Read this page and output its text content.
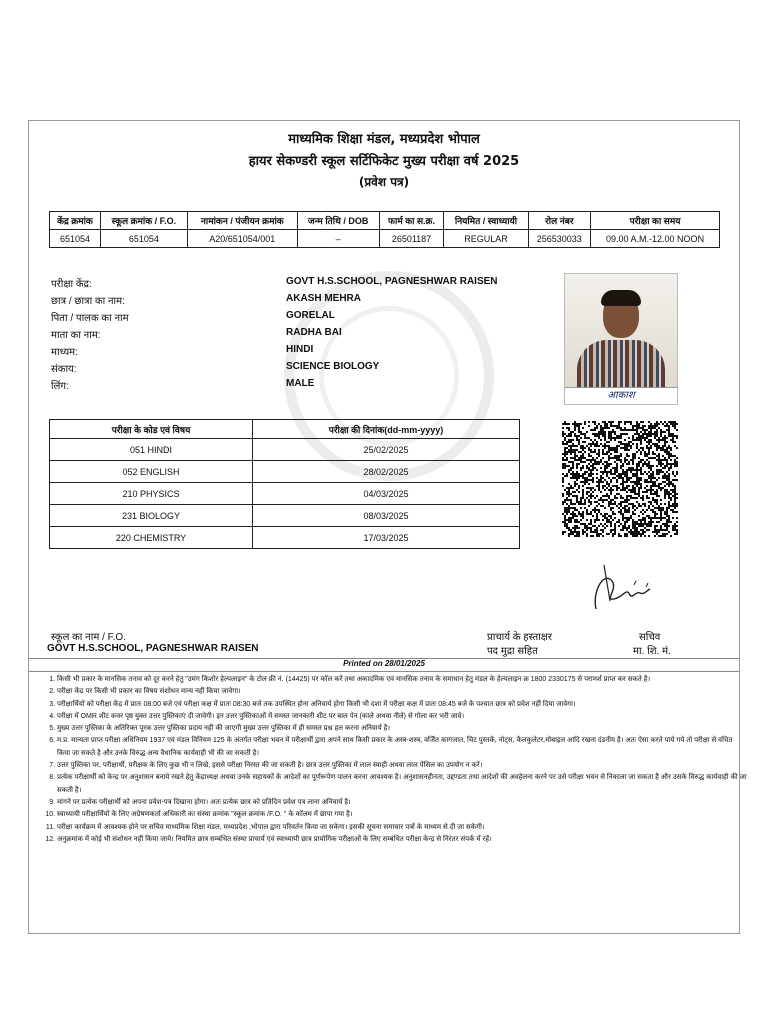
माध्यमिक शिक्षा मंडल, मध्यप्रदेश भोपाल
हायर सेकण्डरी स्कूल सर्टिफिकेट मुख्य परीक्षा वर्ष 2025
(प्रवेश पत्र)
केंद्र क्रमांक	स्कूल क्रमांक / F.O.	नामांकन / पंजीयन क्रमांक	जन्म तिथि / DOB	फार्म का स.क्र.	नियमित / स्वाध्यायी	रोल नंबर	परीक्षा का समय
651054	651054	A20/651054/001	–	26501187	REGULAR	256530033	09.00 A.M.-12.00 NOON
परीक्षा केंद्र:	GOVT H.S.SCHOOL, PAGNESHWAR RAISEN
छात्र / छात्रा का नाम:	AKASH MEHRA
पिता / पालक का नाम	GORELAL
माता का नाम:	RADHA BAI
माध्यम:	HINDI
संकाय:	SCIENCE BIOLOGY
लिंग:	MALE
आकाश
परीक्षा के कोड एवं विषय	परीक्षा की दिनांक(dd-mm-yyyy)
051 HINDI	25/02/2025
052 ENGLISH	28/02/2025
210 PHYSICS	04/03/2025
231 BIOLOGY	08/03/2025
220 CHEMISTRY	17/03/2025
स्कूल का नाम / F.O.
GOVT H.S.SCHOOL, PAGNESHWAR RAISEN
प्राचार्य के हस्ताक्षर
पद मुद्रा सहित
सचिव
मा. शि. मं.
Printed on 28/01/2025
1. किसी भी प्रकार के मानसिक तनाव को दूर करने हेतु "उमंग किशोर हेल्पलाइन" के टोल फ्री नं. (14425) पर कॉल करें तथा अकादमिक एवं मानसिक तनाव के समाधान हेतु मंडल के हेल्पलाइन क्र 1800 2330175 से परामर्श प्राप्त कर सकते है।
2. परीक्षा केंद्र पर किसी भी प्रकार का विषय संशोधन मान्य नहीं किया जावेगा।
3. परीक्षार्थियों को परीक्षा केंद्र में प्रातः 08:00 बजे एवं परीक्षा कक्ष में प्रातः 08:30 बजे तक उपस्थित होना अनिवार्य होगा किसी भी दशा में परीक्षा कक्ष में प्रातः 08:45 बजे के पश्चात छात्र को प्रवेश नहीं दिया जावेगा।
4. परीक्षा में OMR शीट कवर पृष्ठ युक्त उत्तर पुस्तिकाएं दी जावेगी। इन उत्तर पुस्तिकाओं में समस्त जानकारी शीट पर बाल पेन (काले अथवा नीले) से गोला कर भरी जावे।
5. मुख्य उत्तर पुस्तिका के अतिरिक्त पूरक उत्तर पुस्तिका प्रदाय नहीं की जाएगी मुख्य उत्तर पुस्तिका में ही समस्त प्रश्न हल करना अनिवार्य है।
6. म.प्र. मान्यता प्राप्त परीक्षा अधिनियम 1937 एवं मंडल विनियम 125 के अंतर्गत परीक्षा भवन में परीक्षार्थी द्वारा अपने साथ किसी प्रकार के अस्त्र-शस्त्र, वर्जित कागजात, चिट पुस्तकें, नोट्स, कैलकुलेटर,मोबाइल आदि रखना दंडनीय है। अतः ऐसा करते पाये गये तो परीक्षा से वंचित किया जा सकते है और उनके विरुद्ध अन्य वैधानिक कार्यवाही भी की जा सकती है।
7. उत्तर पुस्तिका पर, परीक्षार्थी, परीक्षक के लिए कुछ भी न लिखे, इससे परीक्षा निरस्त की जा सकती है। छात्र उत्तर पुस्तिका में लाल स्याही अथवा लाल पेंसिल का उपयोग न करें।
8. प्रत्येक परीक्षार्थी को केन्द्र पर अनुशासन बनाये रखने हेतु केंद्राध्यक्ष अथवा उनके सहायकों के आदेशों का पूर्णरूपेण पालन करना आवश्यक है। अनुशासनहीनता, उद्दण्डता तथा आदेशों की अवहेलना करने पर उसे परीक्षा भवन से निकाला जा सकता है और उसके विरुद्ध कार्यवाही की जा सकती है।
9. मांगने पर प्रत्येक परीक्षार्थी को अपना प्रवेश-पत्र दिखाना होगा। अतः प्रत्येक छात्र को प्रतिदिन प्रवेश पत्र लाना अनिवार्य है।
10. स्वाध्यायी परीक्षार्थियों के लिए अग्रेषणकर्ता अधिकारी का संस्था क्रमांक "स्कूल क्रमांक /F.O. " के कॉलम में छापा गया है।
11. परीक्षा कार्यक्रम में आवश्यक होने पर सचिव माध्यमिक शिक्षा मंडल, मध्यप्रदेश ,भोपाल द्वारा परिवर्तन किया जा सकेगा। इसकी सूचना समाचार पत्रों के माध्यम से दी जा सकेगी।
12. अनुक्रमांक में कोई भी संशोधन नहीं किया जाये। नियमित छात्र सम्बंधित संस्था प्राचार्य एवं स्वाध्यायी छात्र प्रायोगिक परीक्षाओं के लिए सम्बंधित परीक्षा केन्द्र से निरंतर संपर्क में रहें।
